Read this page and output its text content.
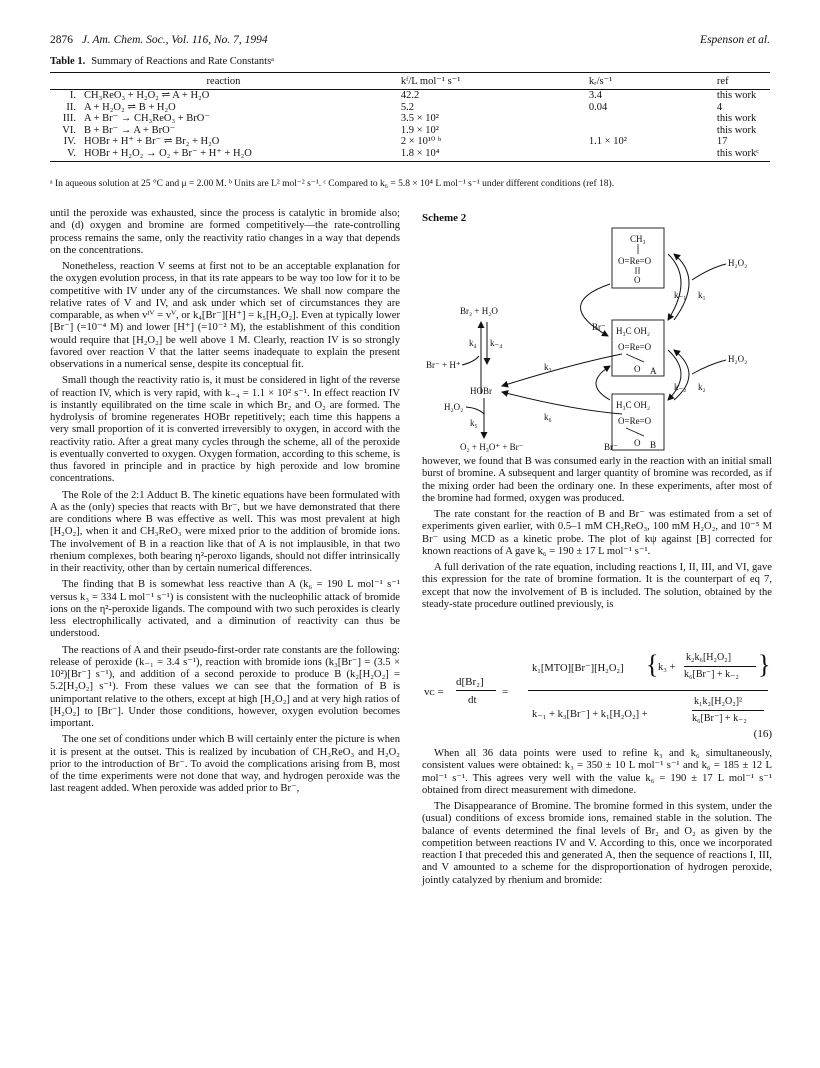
2876 J. Am. Chem. Soc., Vol. 116, No. 7, 1994	Espenson et al.
Table 1. Summary of Reactions and Rate Constantsᵃ
reaction		kᶠ/L mol⁻¹ s⁻¹	kᵣ/s⁻¹	ref
I.	CH₃ReO₃ + H₂O₂ ⇌ A + H₂O	42.2	3.4	this work
II.	A + H₂O₂ ⇌ B + H₂O	5.2	0.04	4
III.	A + Br⁻ → CH₃ReO₃ + BrO⁻	3.5 × 10²		this work
VI.	B + Br⁻ → A + BrO⁻	1.9 × 10²		this work
IV.	HOBr + H⁺ + Br⁻ ⇌ Br₂ + H₂O	2 × 10¹⁰ ᵇ	1.1 × 10²	17
V.	HOBr + H₂O₂ → O₂ + Br⁻ + H⁺ + H₂O	1.8 × 10⁴		this workᶜ
ᵃ In aqueous solution at 25 °C and μ = 2.00 M. ᵇ Units are L² mol⁻² s⁻¹. ᶜ Compared to k₆ = 5.8 × 10⁴ L mol⁻¹ s⁻¹ under different conditions (ref 18).

until the peroxide was exhausted, since the process is catalytic in bromide also; and (d) oxygen and bromine are formed competitively—the rate-controlling process remains the same, only the reactivity ratio changes in a way that depends on the concentrations.

Nonetheless, reaction V seems at first not to be an acceptable explanation for the oxygen evolution process, in that its rate appears to be way too low for it to be competitive with IV under any of the circumstances. We shall now compare the relative rates of V and IV, and ask under which set of circumstances they are comparable, as when vᴵⱽ = vⱽ, or k₄[Br⁻][H⁺] = k₅[H₂O₂]. Even at typically lower [Br⁻] (=10⁻⁴ M) and lower [H⁺] (=10⁻² M), the establishment of this condition would require that [H₂O₂] be well above 1 M. Clearly, reaction IV is so strongly favored over reaction V that the latter seems inadequate to explain the present observations in a numerical sense, despite its conceptual fit.

Small though the reactivity ratio is, it must be considered in light of the reverse of reaction IV, which is very rapid, with k₋₄ = 1.1 × 10² s⁻¹. In effect reaction IV is instantly equilibrated on the time scale in which Br₂ and O₂ are formed. The hydrolysis of bromine regenerates HOBr repetitively; each time this happens a very small proportion of it is converted irreversibly to oxygen, in accord with the reactivity ratio. After a great many cycles through the scheme, all of the peroxide is eventually converted to oxygen. Oxygen formation, according to this scheme, is thus favored in principle and in practice by high peroxide and low bromine concentrations.

The Role of the 2:1 Adduct B. The kinetic equations have been formulated with A as the (only) species that reacts with Br⁻, but we have demonstrated that there are conditions where B was effective as well. This was most prevalent at high [H₂O₂], when it and CH₃ReO₃ were mixed prior to the addition of bromide ions. The involvement of B in a reaction like that of A is not implausible, in that two rhenium complexes, both bearing η²-peroxo ligands, should not differ intrinsically in their reactivity, other than by certain numerical differences.

The finding that B is somewhat less reactive than A (k₆ = 190 L mol⁻¹ s⁻¹ versus k₃ = 334 L mol⁻¹ s⁻¹) is consistent with the nucleophilic attack of bromide ions on the η²-peroxide ligands. The compound with two such peroxides is clearly less electrophilically activated, and a diminution of reactivity can thus be understood.

The reactions of A and their pseudo-first-order rate constants are the following: release of peroxide (k₋₁ = 3.4 s⁻¹), reaction with bromide ions (k₃[Br⁻] = (3.5 × 10²)[Br⁻] s⁻¹), and addition of a second peroxide to produce B (k₂[H₂O₂] = 5.2[H₂O₂] s⁻¹). From these values we can see that the formation of B is unimportant relative to the others, except at high [H₂O₂] and at very high ratios of [H₂O₂] to [Br⁻]. Under those conditions, however, oxygen evolution becomes important.

The one set of conditions under which B will certainly enter the picture is when it is present at the outset. This is realized by incubation of CH₃ReO₃ and H₂O₂ prior to the introduction of Br⁻. To avoid the complications arising from B, most of the time experiments were not done that way, and hydrogen peroxide was the last reagent added. When peroxide was added prior to Br⁻,

Scheme 2
Br₂ + H₂O
k₄ k₋₄
Br⁻ + H⁺
HOBr
H₂O₂
k₅
O₂ + H₃O⁺ + Br⁻
k₃
k₆
CH₃
O=Re=O
O
H₃C OH₂
O=Re=O
O A
H₃C OH₂
O=Re=O
O B
Br⁻
Br⁻
k₋₁ k₁
H₂O₂
k₋₂ k₂
H₂O₂

however, we found that B was consumed early in the reaction with an initial small burst of bromine. A subsequent and larger quantity of bromine was recorded, as if the mixing order had been the ordinary one. In these experiments, after most of the bromine had formed, oxygen was produced.

The rate constant for the reaction of B and Br⁻ was estimated from a set of experiments given earlier, with 0.5–1 mM CH₃ReO₃, 100 mM H₂O₂, and 10⁻⁵ M Br⁻ using MCD as a kinetic probe. The plot of kψ against [B] corrected for known reactions of A gave k₆ = 190 ± 17 L mol⁻¹ s⁻¹.

A full derivation of the rate equation, including reactions I, II, III, and VI, gave this expression for the rate of bromine formation. It is the counterpart of eq 7, except that now the involvement of B is included. The solution, obtained by the steady-state procedure outlined previously, is

vᴄ =
d[Br₂]
dt
=
k₁[MTO][Br⁻][H₂O₂] { k₃ +
k₂k₆[H₂O₂]
k₆[Br⁻] + k₋₂ }
k₋₁ + k₃[Br⁻] + k₁[H₂O₂] +
k₁k₂[H₂O₂]²
k₆[Br⁻] + k₋₂
(16)

When all 36 data points were used to refine k₃ and k₆ simultaneously, consistent values were obtained: k₃ = 350 ± 10 L mol⁻¹ s⁻¹ and k₆ = 185 ± 12 L mol⁻¹ s⁻¹. This agrees very well with the value k₆ = 190 ± 17 L mol⁻¹ s⁻¹ obtained from direct measurement with dimedone.

The Disappearance of Bromine. The bromine formed in this system, under the (usual) conditions of excess bromide ions, remained stable in the solution. The balance of events determined the final levels of Br₂ and O₂ as given by the competition between reactions IV and V. According to this, once we incorporated reaction I that preceded this and generated A, then the sequence of reactions I, III, and V amounted to a scheme for the disproportionation of hydrogen peroxide, jointly catalyzed by rhenium and bromide:
